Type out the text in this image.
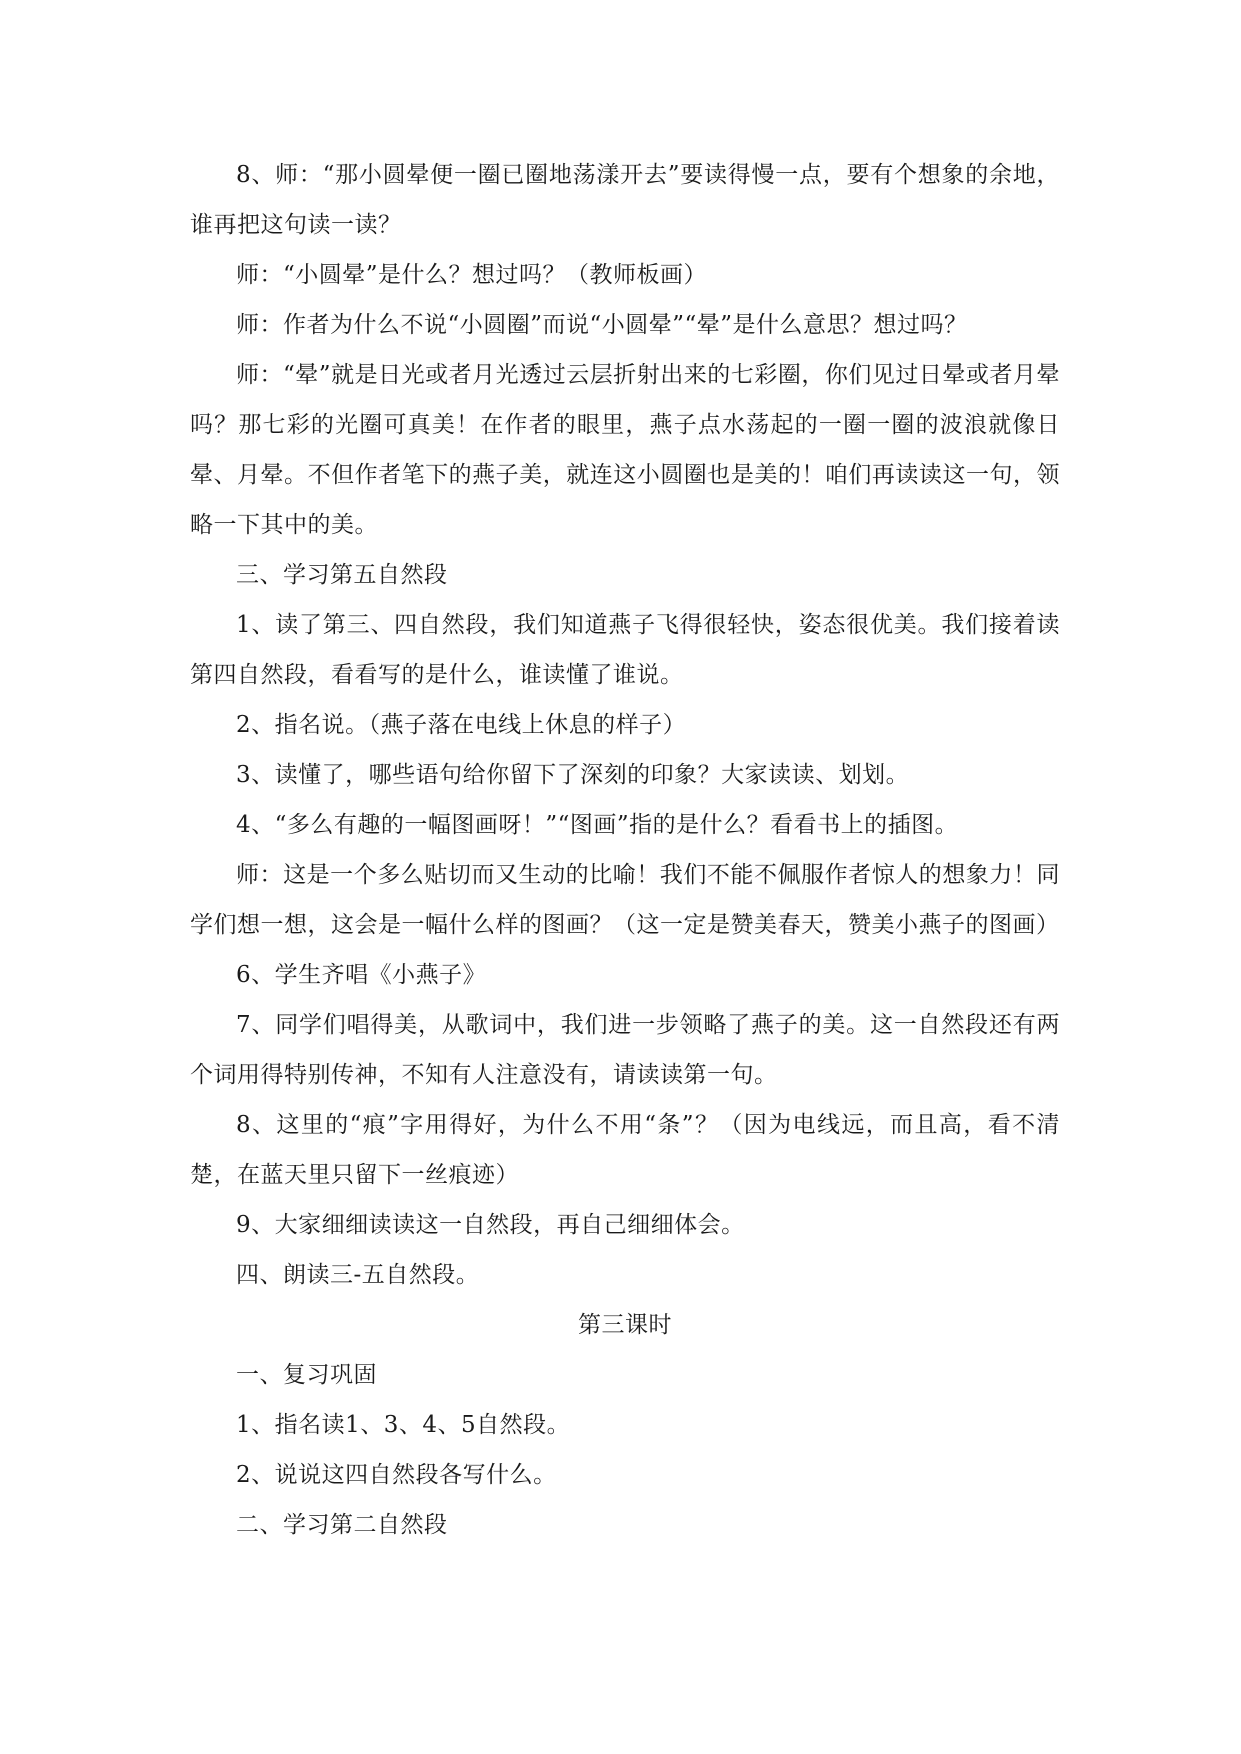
8、师：“那小圆晕便一圈已圈地荡漾开去”要读得慢一点，要有个想象的余地，谁再把这句读一读？

师：“小圆晕”是什么？想过吗？（教师板画）

师：作者为什么不说“小圆圈”而说“小圆晕”“晕”是什么意思？想过吗？

师：“晕”就是日光或者月光透过云层折射出来的七彩圈，你们见过日晕或者月晕吗？那七彩的光圈可真美！在作者的眼里，燕子点水荡起的一圈一圈的波浪就像日晕、月晕。不但作者笔下的燕子美，就连这小圆圈也是美的！咱们再读读这一句，领略一下其中的美。

三、学习第五自然段

1、读了第三、四自然段，我们知道燕子飞得很轻快，姿态很优美。我们接着读第四自然段，看看写的是什么，谁读懂了谁说。

2、指名说。（燕子落在电线上休息的样子）

3、读懂了，哪些语句给你留下了深刻的印象？大家读读、划划。

4、“多么有趣的一幅图画呀！”“图画”指的是什么？看看书上的插图。

师：这是一个多么贴切而又生动的比喻！我们不能不佩服作者惊人的想象力！同学们想一想，这会是一幅什么样的图画？（这一定是赞美春天，赞美小燕子的图画）

6、学生齐唱《小燕子》

7、同学们唱得美，从歌词中，我们进一步领略了燕子的美。这一自然段还有两个词用得特别传神，不知有人注意没有，请读读第一句。

8、这里的“痕”字用得好，为什么不用“条”？（因为电线远，而且高，看不清楚，在蓝天里只留下一丝痕迹）

9、大家细细读读这一自然段，再自己细细体会。

四、朗读三-五自然段。

第三课时

一、复习巩固

1、指名读1、3、4、5自然段。

2、说说这四自然段各写什么。

二、学习第二自然段
